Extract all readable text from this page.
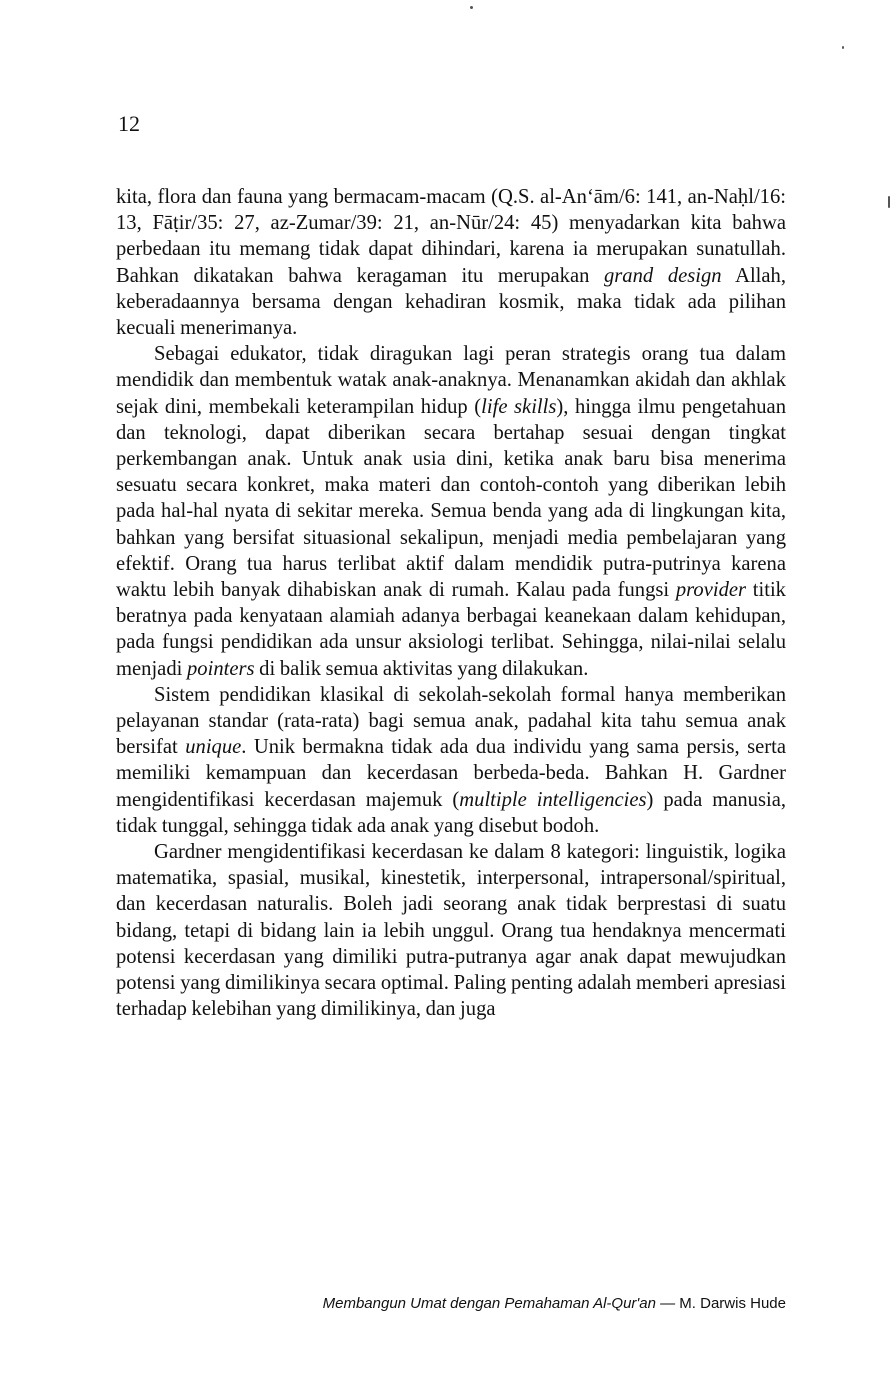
12

kita, flora dan fauna yang bermacam-macam (Q.S. al-An‘ām/6: 141, an-Naḥl/16: 13, Fāṭir/35: 27, az-Zumar/39: 21, an-Nūr/24: 45) menyadarkan kita bahwa perbedaan itu memang tidak dapat dihindari, karena ia merupakan sunatullah. Bahkan dikatakan bahwa keragaman itu merupakan grand design Allah, keberadaannya bersama dengan kehadiran kosmik, maka tidak ada pilihan kecuali menerimanya.

Sebagai edukator, tidak diragukan lagi peran strategis orang tua dalam mendidik dan membentuk watak anak-anaknya. Menanamkan akidah dan akhlak sejak dini, membekali keterampilan hidup (life skills), hingga ilmu pengetahuan dan teknologi, dapat diberikan secara bertahap sesuai dengan tingkat perkembangan anak. Untuk anak usia dini, ketika anak baru bisa menerima sesuatu secara konkret, maka materi dan contoh-contoh yang diberikan lebih pada hal-hal nyata di sekitar mereka. Semua benda yang ada di lingkungan kita, bahkan yang bersifat situasional sekalipun, menjadi media pembelajaran yang efektif. Orang tua harus terlibat aktif dalam mendidik putra-putrinya karena waktu lebih banyak dihabiskan anak di rumah. Kalau pada fungsi provider titik beratnya pada kenyataan alamiah adanya berbagai keanekaan dalam kehidupan, pada fungsi pendidikan ada unsur aksiologi terlibat. Sehingga, nilai-nilai selalu menjadi pointers di balik semua aktivitas yang dilakukan.

Sistem pendidikan klasikal di sekolah-sekolah formal hanya memberikan pelayanan standar (rata-rata) bagi semua anak, padahal kita tahu semua anak bersifat unique. Unik bermakna tidak ada dua individu yang sama persis, serta memiliki kemampuan dan kecerdasan berbeda-beda. Bahkan H. Gardner mengidentifikasi kecerdasan majemuk (multiple intelligencies) pada manusia, tidak tunggal, sehingga tidak ada anak yang disebut bodoh.

Gardner mengidentifikasi kecerdasan ke dalam 8 kategori: linguistik, logika matematika, spasial, musikal, kinestetik, interpersonal, intrapersonal/spiritual, dan kecerdasan naturalis. Boleh jadi seorang anak tidak berprestasi di suatu bidang, tetapi di bidang lain ia lebih unggul. Orang tua hendaknya mencermati potensi kecerdasan yang dimiliki putra-putranya agar anak dapat mewujudkan potensi yang dimilikinya secara optimal. Paling penting adalah memberi apresiasi terhadap kelebihan yang dimilikinya, dan juga

Membangun Umat dengan Pemahaman Al-Qur'an — M. Darwis Hude
